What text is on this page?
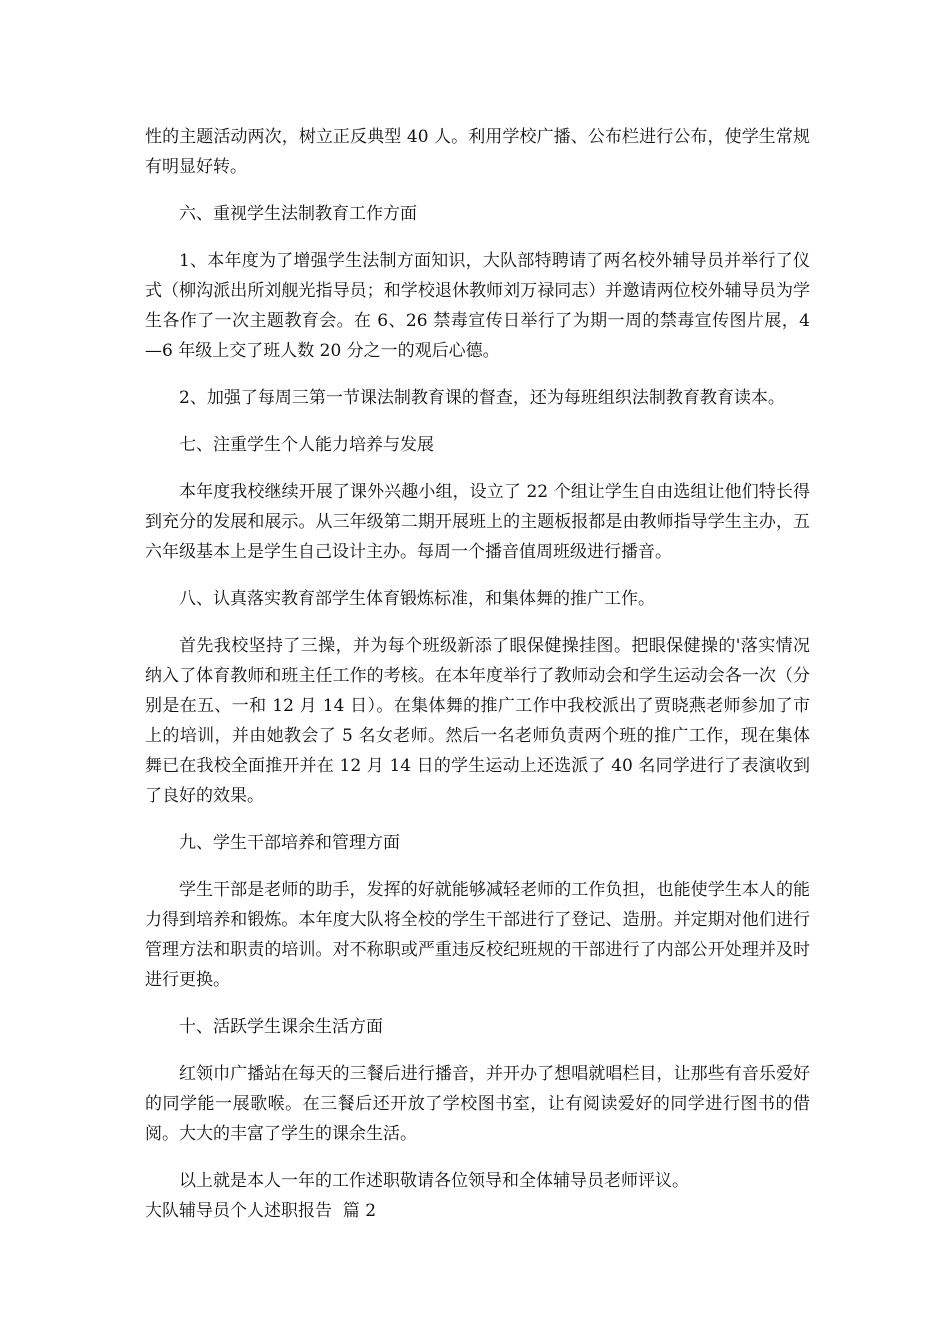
性的主题活动两次，树立正反典型 40 人。利用学校广播、公布栏进行公布，使学生常规有明显好转。

六、重视学生法制教育工作方面

1、本年度为了增强学生法制方面知识，大队部特聘请了两名校外辅导员并举行了仪式（柳沟派出所刘舰光指导员；和学校退休教师刘万禄同志）并邀请两位校外辅导员为学生各作了一次主题教育会。在 6、26 禁毒宣传日举行了为期一周的禁毒宣传图片展，4—6 年级上交了班人数 20 分之一的观后心德。

2、加强了每周三第一节课法制教育课的督查，还为每班组织法制教育教育读本。

七、注重学生个人能力培养与发展

本年度我校继续开展了课外兴趣小组，设立了 22 个组让学生自由选组让他们特长得到充分的发展和展示。从三年级第二期开展班上的主题板报都是由教师指导学生主办，五六年级基本上是学生自己设计主办。每周一个播音值周班级进行播音。

八、认真落实教育部学生体育锻炼标准，和集体舞的推广工作。

首先我校坚持了三操，并为每个班级新添了眼保健操挂图。把眼保健操的'落实情况纳入了体育教师和班主任工作的考核。在本年度举行了教师动会和学生运动会各一次（分别是在五、一和 12 月 14 日）。在集体舞的推广工作中我校派出了贾晓燕老师参加了市上的培训，并由她教会了 5 名女老师。然后一名老师负责两个班的推广工作，现在集体舞已在我校全面推开并在 12 月 14 日的学生运动上还选派了 40 名同学进行了表演收到了良好的效果。

九、学生干部培养和管理方面

学生干部是老师的助手，发挥的好就能够减轻老师的工作负担，也能使学生本人的能力得到培养和锻炼。本年度大队将全校的学生干部进行了登记、造册。并定期对他们进行管理方法和职责的培训。对不称职或严重违反校纪班规的干部进行了内部公开处理并及时进行更换。

十、活跃学生课余生活方面

红领巾广播站在每天的三餐后进行播音，并开办了想唱就唱栏目，让那些有音乐爱好的同学能一展歌喉。在三餐后还开放了学校图书室，让有阅读爱好的同学进行图书的借阅。大大的丰富了学生的课余生活。

以上就是本人一年的工作述职敬请各位领导和全体辅导员老师评议。

大队辅导员个人述职报告  篇 2
